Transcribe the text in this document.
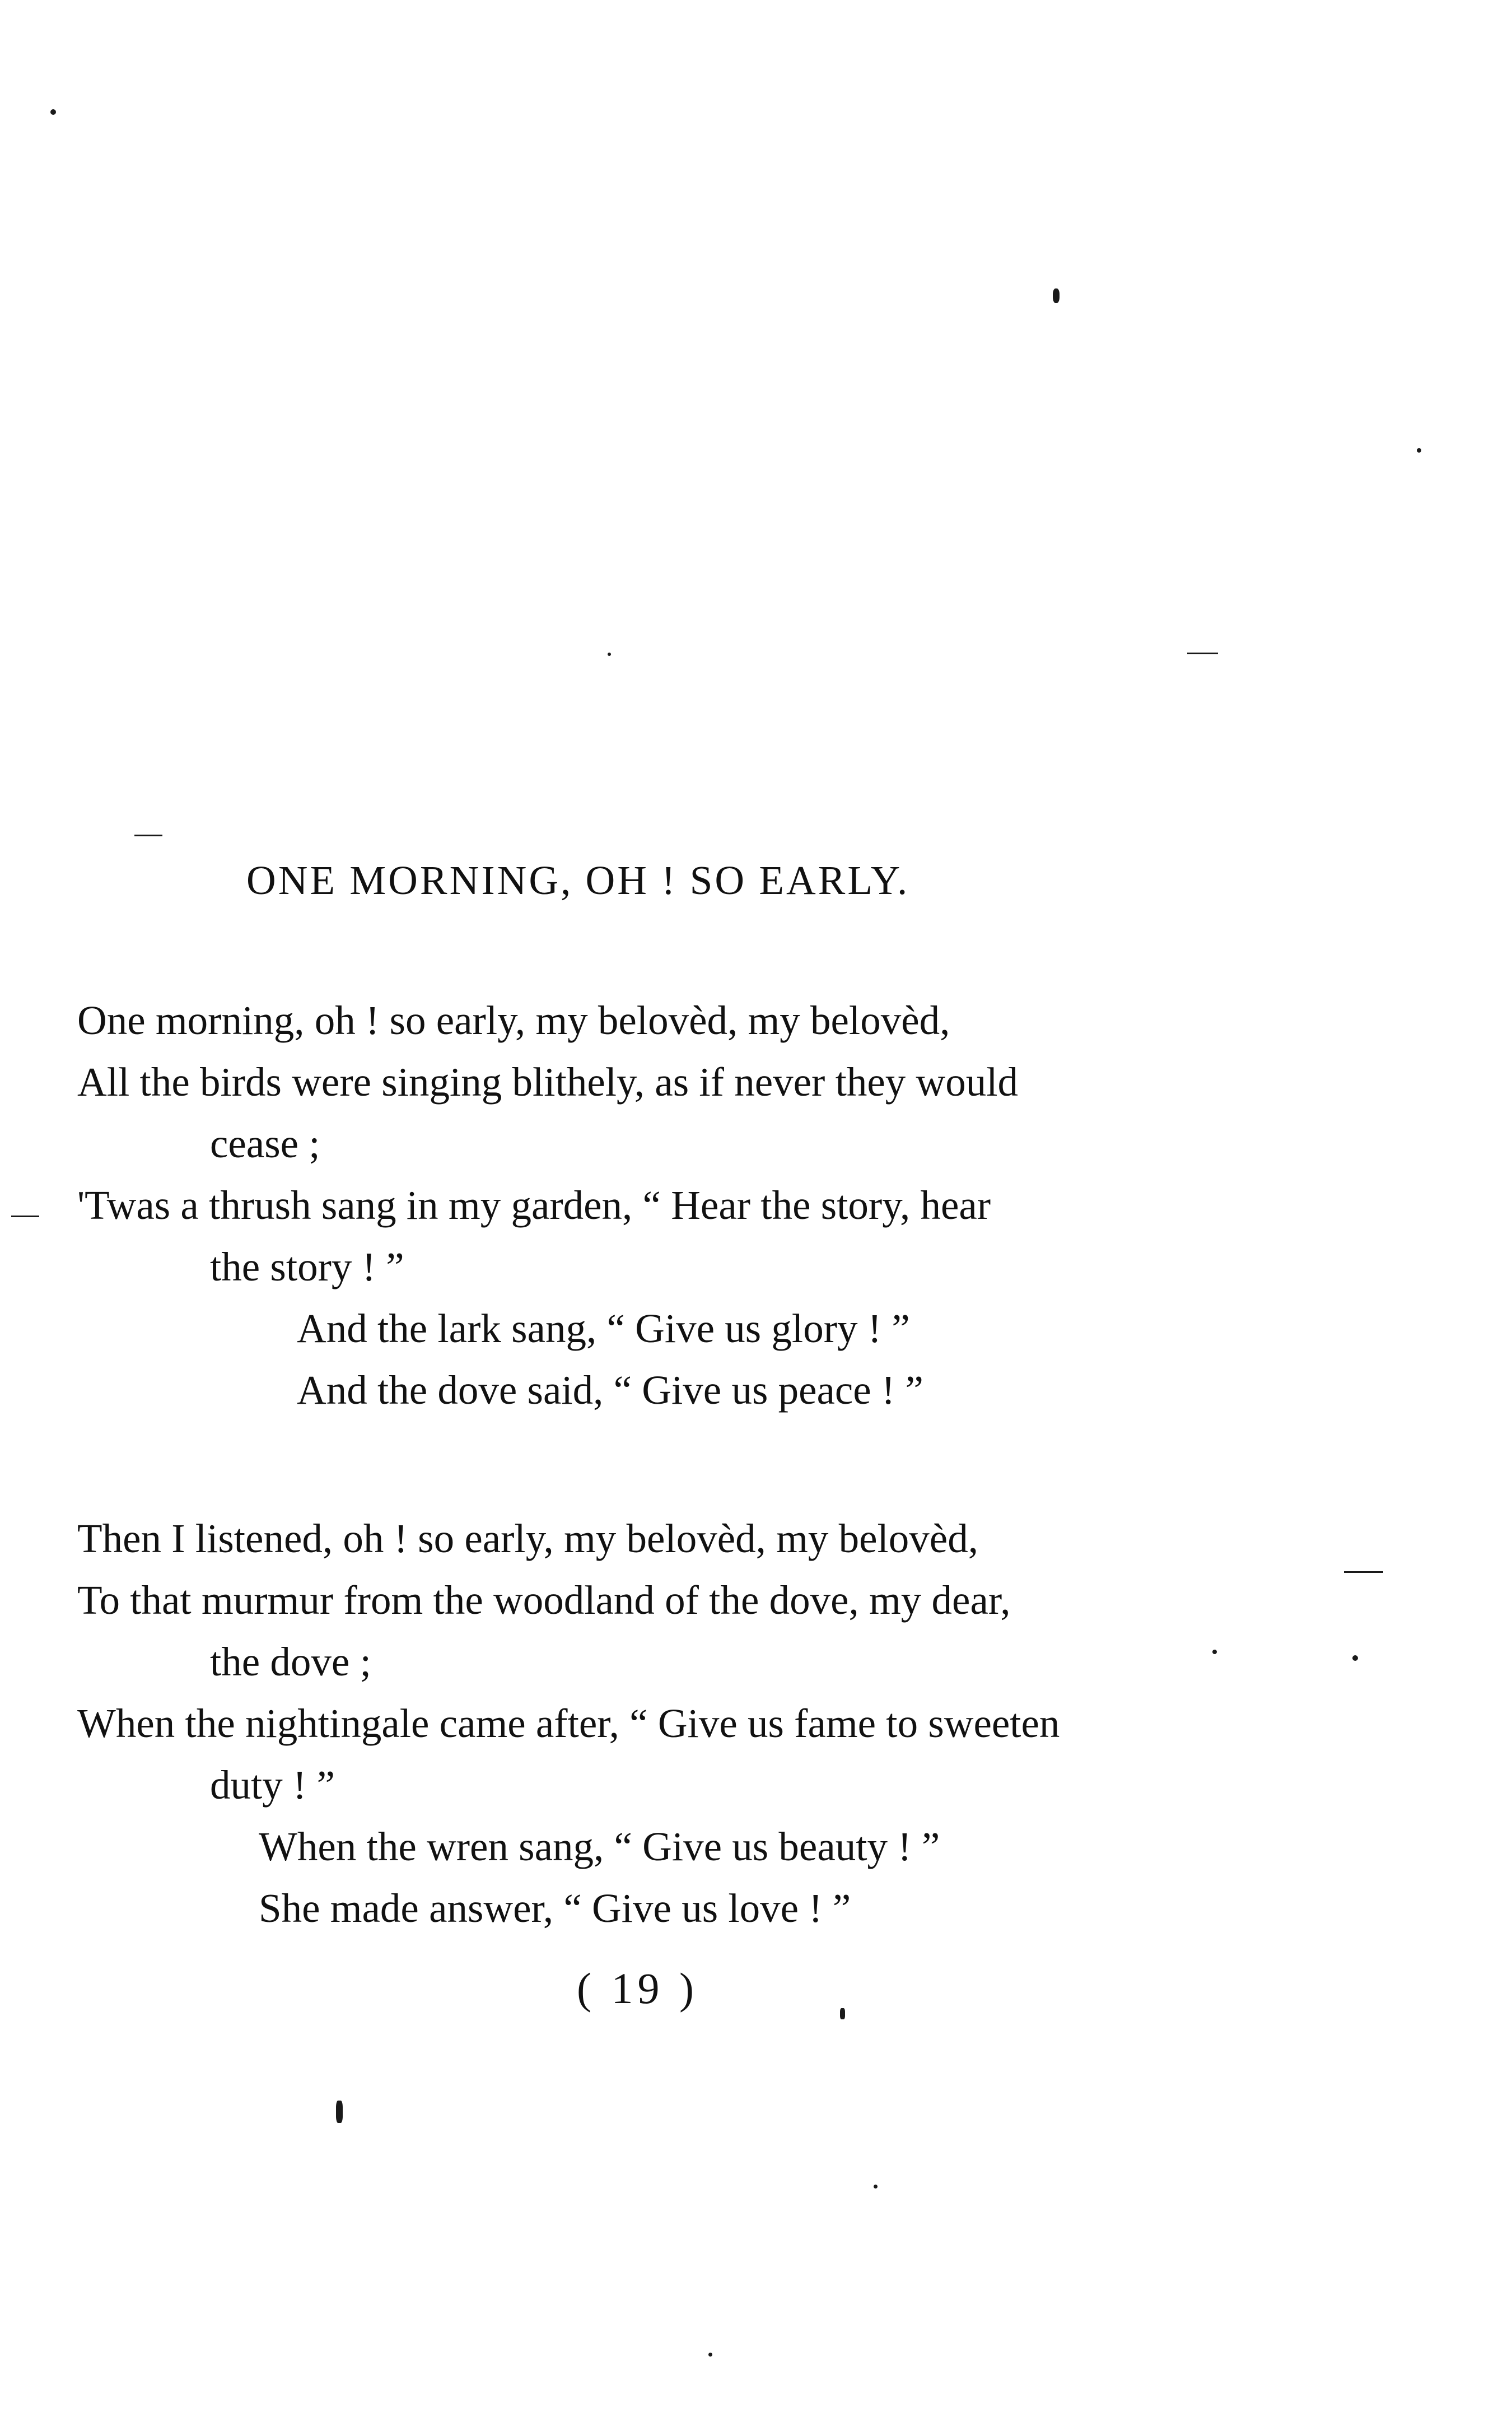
ONE MORNING, OH ! SO EARLY.
One morning, oh ! so early, my belovèd, my belovèd,
All the birds were singing blithely, as if never they would
cease ;
'Twas a thrush sang in my garden, “ Hear the story, hear
the story ! ”
And the lark sang, “ Give us glory ! ”
And the dove said, “ Give us peace ! ”
Then I listened, oh ! so early, my belovèd, my belovèd,
To that murmur from the woodland of the dove, my dear,
the dove ;
When the nightingale came after, “ Give us fame to sweeten
duty ! ”
When the wren sang, “ Give us beauty ! ”
She made answer, “ Give us love ! ”
( 19 )
